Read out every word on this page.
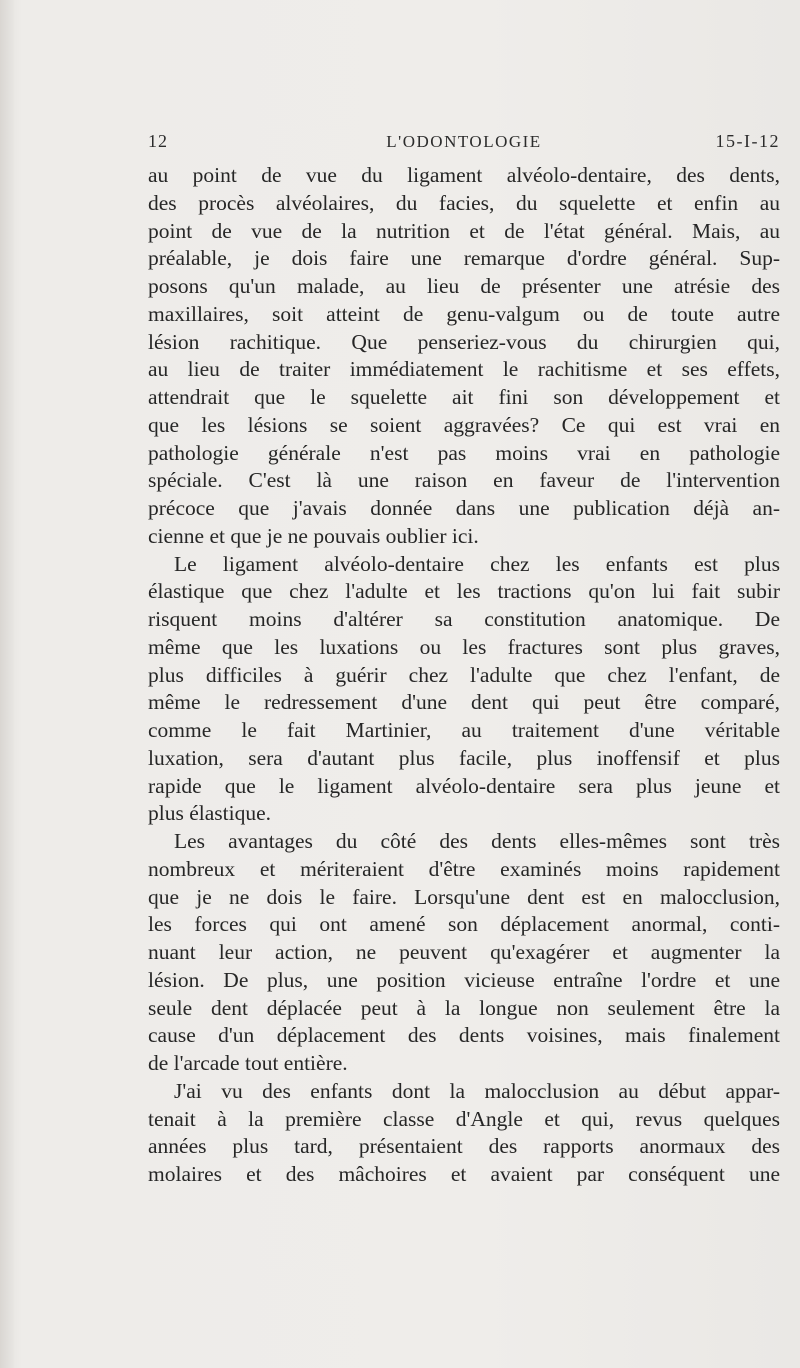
12	L'ODONTOLOGIE	15-I-12
au point de vue du ligament alvéolo-dentaire, des dents,
des procès alvéolaires, du facies, du squelette et enfin au
point de vue de la nutrition et de l'état général. Mais, au
préalable, je dois faire une remarque d'ordre général. Sup-
posons qu'un malade, au lieu de présenter une atrésie des
maxillaires, soit atteint de genu-valgum ou de toute autre
lésion rachitique. Que penseriez-vous du chirurgien qui,
au lieu de traiter immédiatement le rachitisme et ses effets,
attendrait que le squelette ait fini son développement et
que les lésions se soient aggravées? Ce qui est vrai en
pathologie générale n'est pas moins vrai en pathologie
spéciale. C'est là une raison en faveur de l'intervention
précoce que j'avais donnée dans une publication déjà an-
cienne et que je ne pouvais oublier ici.
Le ligament alvéolo-dentaire chez les enfants est plus
élastique que chez l'adulte et les tractions qu'on lui fait subir
risquent moins d'altérer sa constitution anatomique. De
même que les luxations ou les fractures sont plus graves,
plus difficiles à guérir chez l'adulte que chez l'enfant, de
même le redressement d'une dent qui peut être comparé,
comme le fait Martinier, au traitement d'une véritable
luxation, sera d'autant plus facile, plus inoffensif et plus
rapide que le ligament alvéolo-dentaire sera plus jeune et
plus élastique.
Les avantages du côté des dents elles-mêmes sont très
nombreux et mériteraient d'être examinés moins rapidement
que je ne dois le faire. Lorsqu'une dent est en malocclusion,
les forces qui ont amené son déplacement anormal, conti-
nuant leur action, ne peuvent qu'exagérer et augmenter la
lésion. De plus, une position vicieuse entraîne l'ordre et une
seule dent déplacée peut à la longue non seulement être la
cause d'un déplacement des dents voisines, mais finalement
de l'arcade tout entière.
J'ai vu des enfants dont la malocclusion au début appar-
tenait à la première classe d'Angle et qui, revus quelques
années plus tard, présentaient des rapports anormaux des
molaires et des mâchoires et avaient par conséquent une
